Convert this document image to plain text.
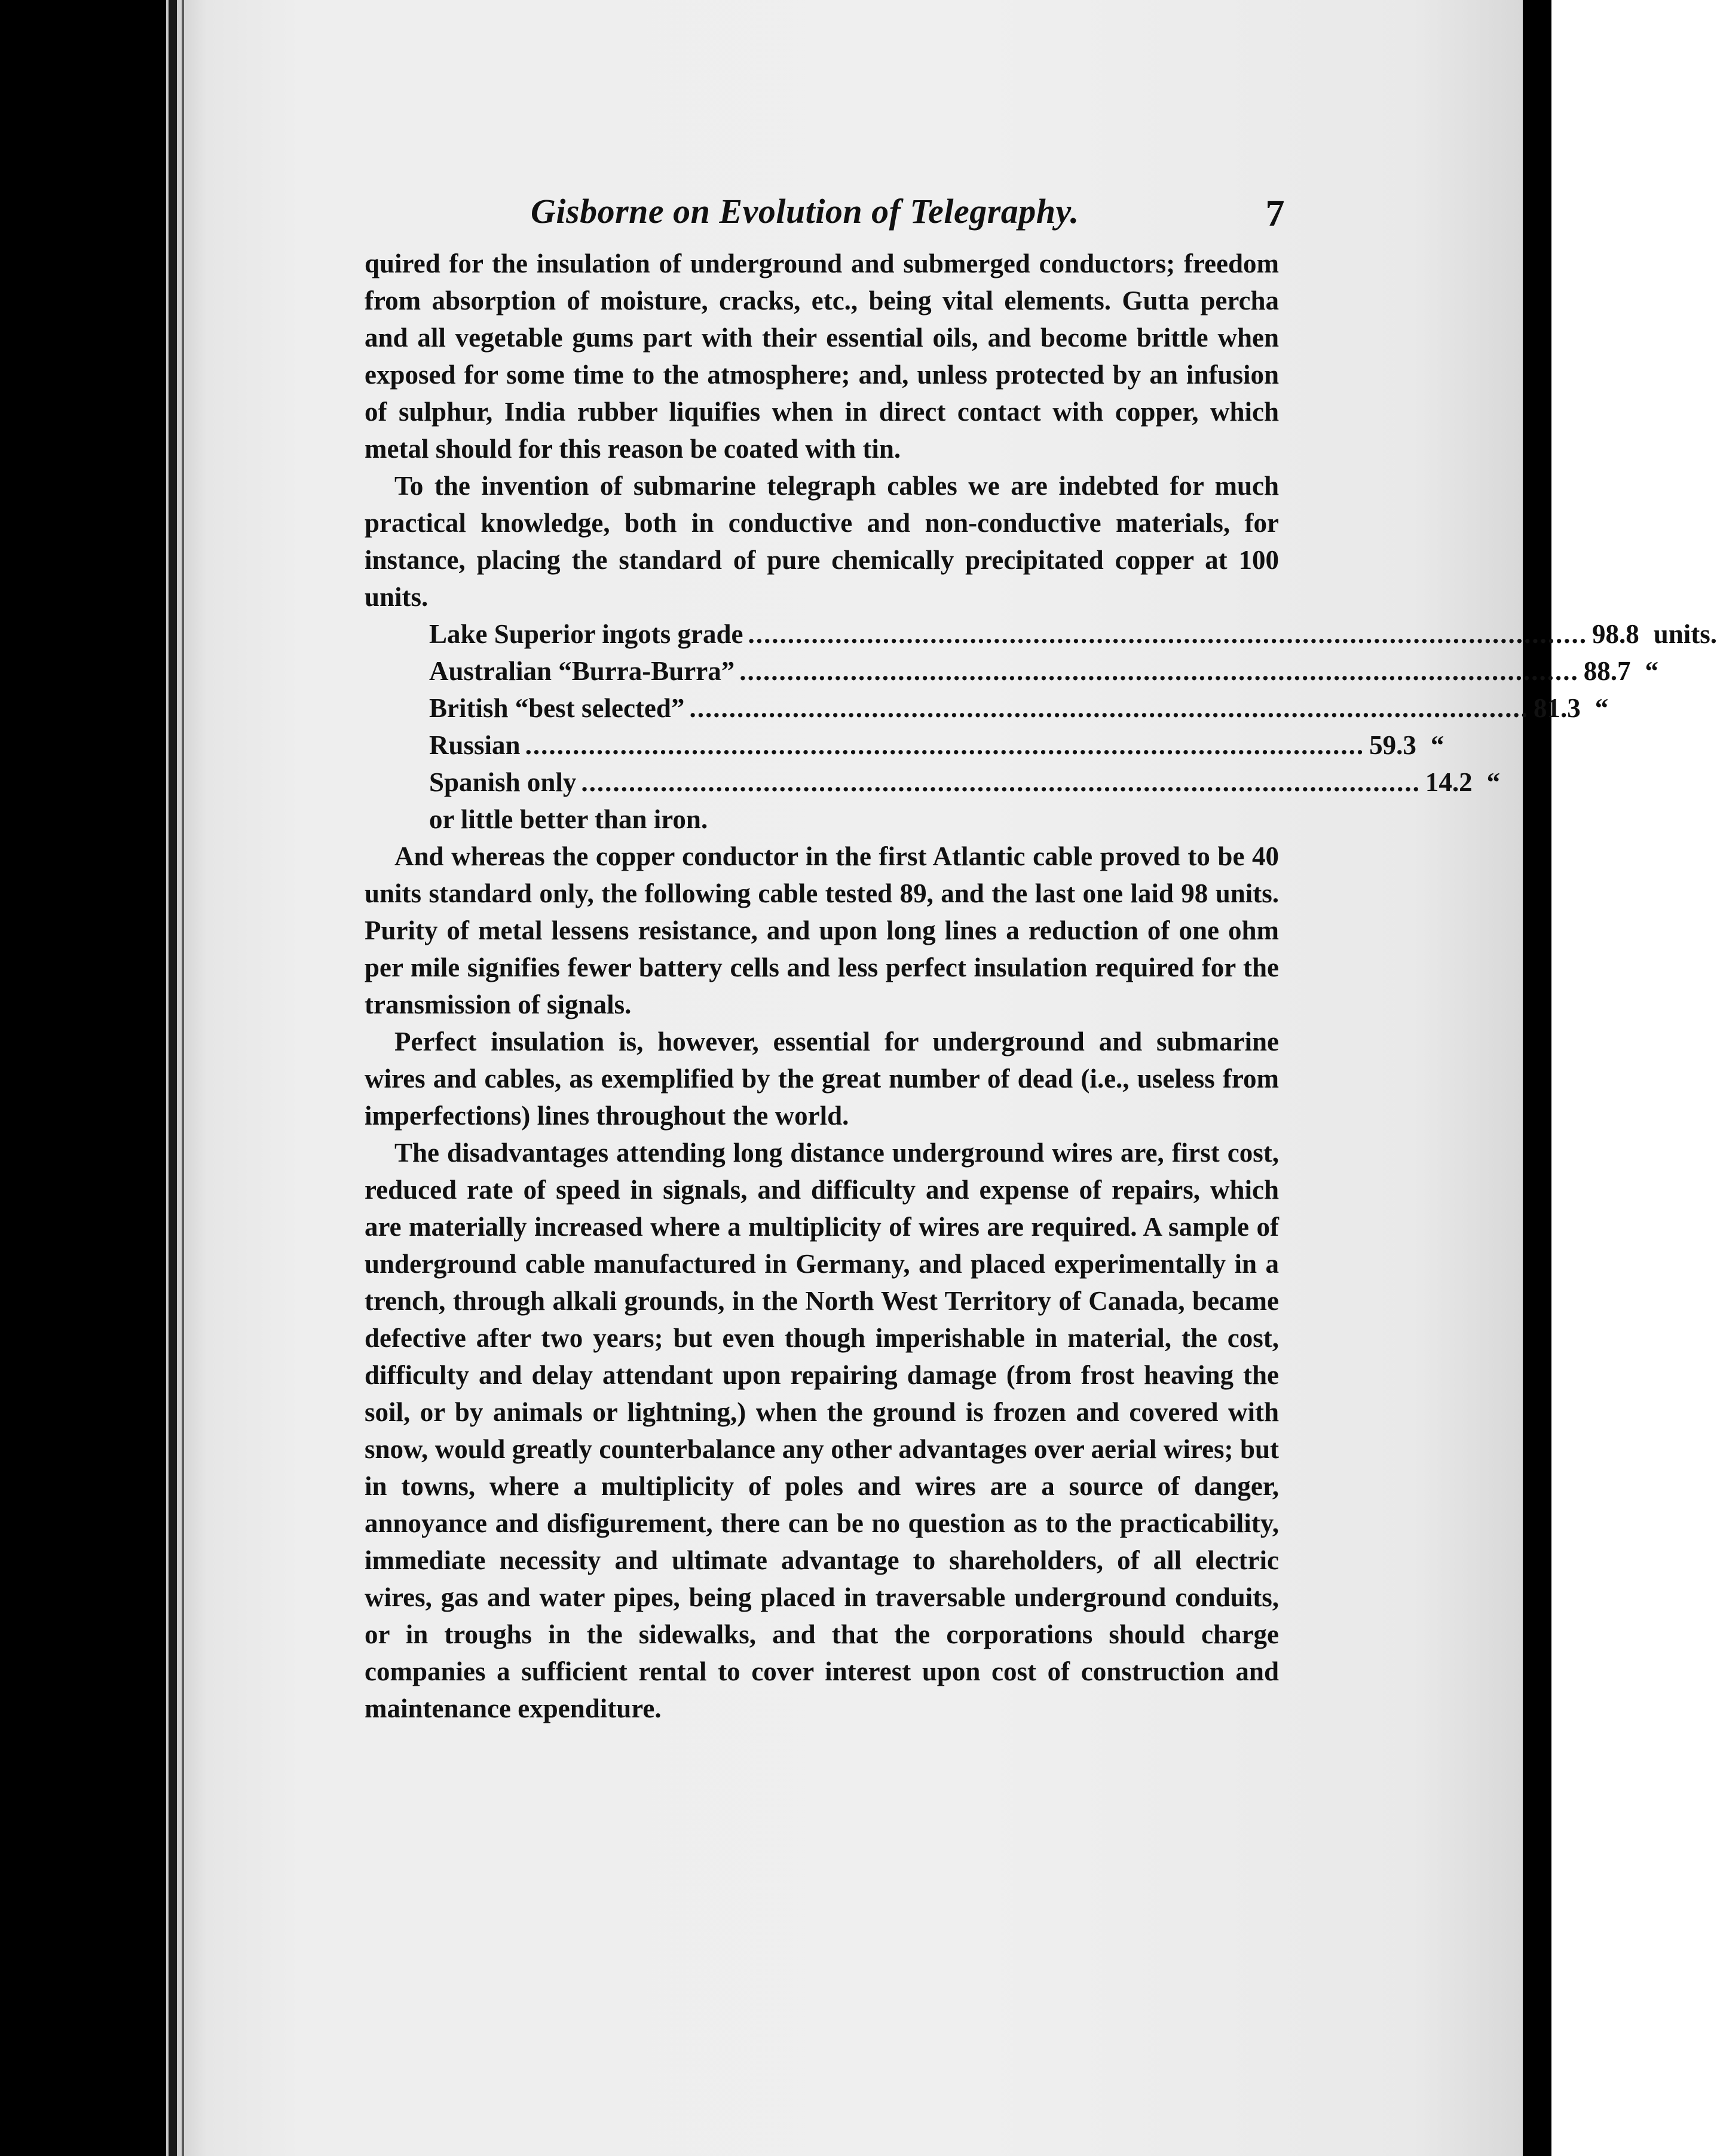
Gisborne on Evolution of Telegraphy.	7

quired for the insulation of underground and submerged conductors; freedom from absorption of moisture, cracks, etc., being vital elements. Gutta percha and all vegetable gums part with their essential oils, and become brittle when exposed for some time to the atmosphere; and, unless protected by an infusion of sulphur, India rubber liquifies when in direct contact with copper, which metal should for this reason be coated with tin.

To the invention of submarine telegraph cables we are indebted for much practical knowledge, both in conductive and non-conductive materials, for instance, placing the standard of pure chemically precipitated copper at 100 units.

Lake Superior ingots grade .......................................................................................................... 98.8 units.
Australian “Burra-Burra” .......................................................................................................... 88.7 “
British “best selected” .......................................................................................................... 81.3 “
Russian .......................................................................................................... 59.3 “
Spanish only .......................................................................................................... 14.2 “
or little better than iron.

And whereas the copper conductor in the first Atlantic cable proved to be 40 units standard only, the following cable tested 89, and the last one laid 98 units. Purity of metal lessens resistance, and upon long lines a reduction of one ohm per mile signifies fewer battery cells and less perfect insulation required for the transmission of signals.

Perfect insulation is, however, essential for underground and submarine wires and cables, as exemplified by the great number of dead (i.e., useless from imperfections) lines throughout the world.

The disadvantages attending long distance underground wires are, first cost, reduced rate of speed in signals, and difficulty and expense of repairs, which are materially increased where a multiplicity of wires are required. A sample of underground cable manufactured in Germany, and placed experimentally in a trench, through alkali grounds, in the North West Territory of Canada, became defective after two years; but even though imperishable in material, the cost, difficulty and delay attendant upon repairing damage (from frost heaving the soil, or by animals or lightning,) when the ground is frozen and covered with snow, would greatly counterbalance any other advantages over aerial wires; but in towns, where a multiplicity of poles and wires are a source of danger, annoyance and disfigurement, there can be no question as to the practicability, immediate necessity and ultimate advantage to shareholders, of all electric wires, gas and water pipes, being placed in traversable underground conduits, or in troughs in the sidewalks, and that the corporations should charge companies a sufficient rental to cover interest upon cost of construction and maintenance expenditure.
